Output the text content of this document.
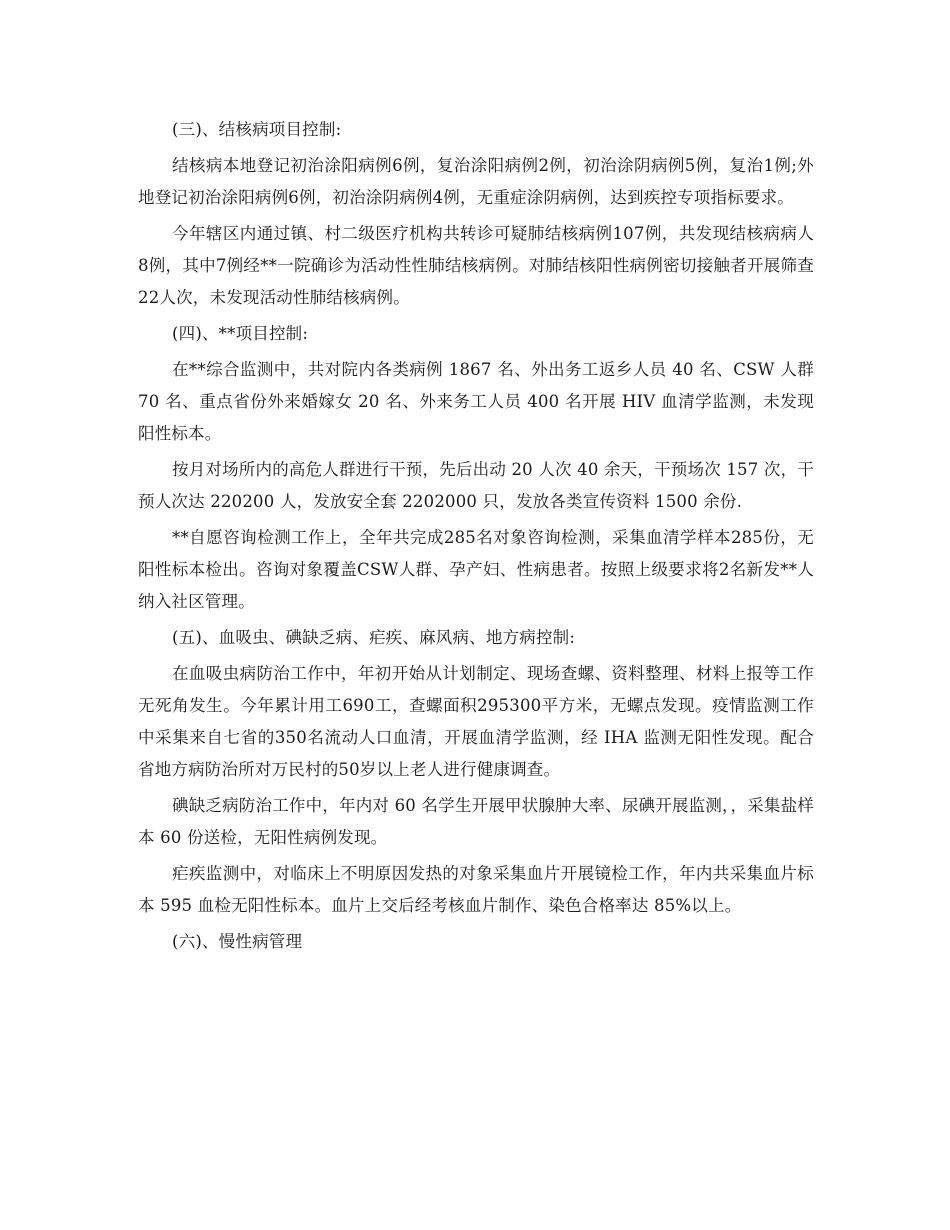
(三)、结核病项目控制:

结核病本地登记初治涂阳病例6例，复治涂阳病例2例，初治涂阴病例5例，复治1例;外地登记初治涂阳病例6例，初治涂阴病例4例，无重症涂阴病例，达到疾控专项指标要求。

今年辖区内通过镇、村二级医疗机构共转诊可疑肺结核病例107例，共发现结核病病人8例，其中7例经**一院确诊为活动性性肺结核病例。对肺结核阳性病例密切接触者开展筛查22人次，未发现活动性肺结核病例。

(四)、**项目控制:

在**综合监测中，共对院内各类病例 1867 名、外出务工返乡人员 40 名、CSW 人群 70 名、重点省份外来婚嫁女 20 名、外来务工人员 400 名开展 HIV 血清学监测，未发现阳性标本。

按月对场所内的高危人群进行干预，先后出动 20 人次 40 余天，干预场次 157 次，干预人次达 220200 人，发放安全套 2202000 只，发放各类宣传资料 1500 余份.

**自愿咨询检测工作上，全年共完成285名对象咨询检测，采集血清学样本285份，无阳性标本检出。咨询对象覆盖CSW人群、孕产妇、性病患者。按照上级要求将2名新发**人纳入社区管理。

(五)、血吸虫、碘缺乏病、疟疾、麻风病、地方病控制:

在血吸虫病防治工作中，年初开始从计划制定、现场查螺、资料整理、材料上报等工作无死角发生。今年累计用工690工，查螺面积295300平方米，无螺点发现。疫情监测工作中采集来自七省的350名流动人口血清，开展血清学监测，经 IHA 监测无阳性发现。配合省地方病防治所对万民村的50岁以上老人进行健康调查。

碘缺乏病防治工作中，年内对 60 名学生开展甲状腺肿大率、尿碘开展监测，，采集盐样本 60 份送检，无阳性病例发现。

疟疾监测中，对临床上不明原因发热的对象采集血片开展镜检工作，年内共采集血片标本 595 血检无阳性标本。血片上交后经考核血片制作、染色合格率达 85%以上。

(六)、慢性病管理
